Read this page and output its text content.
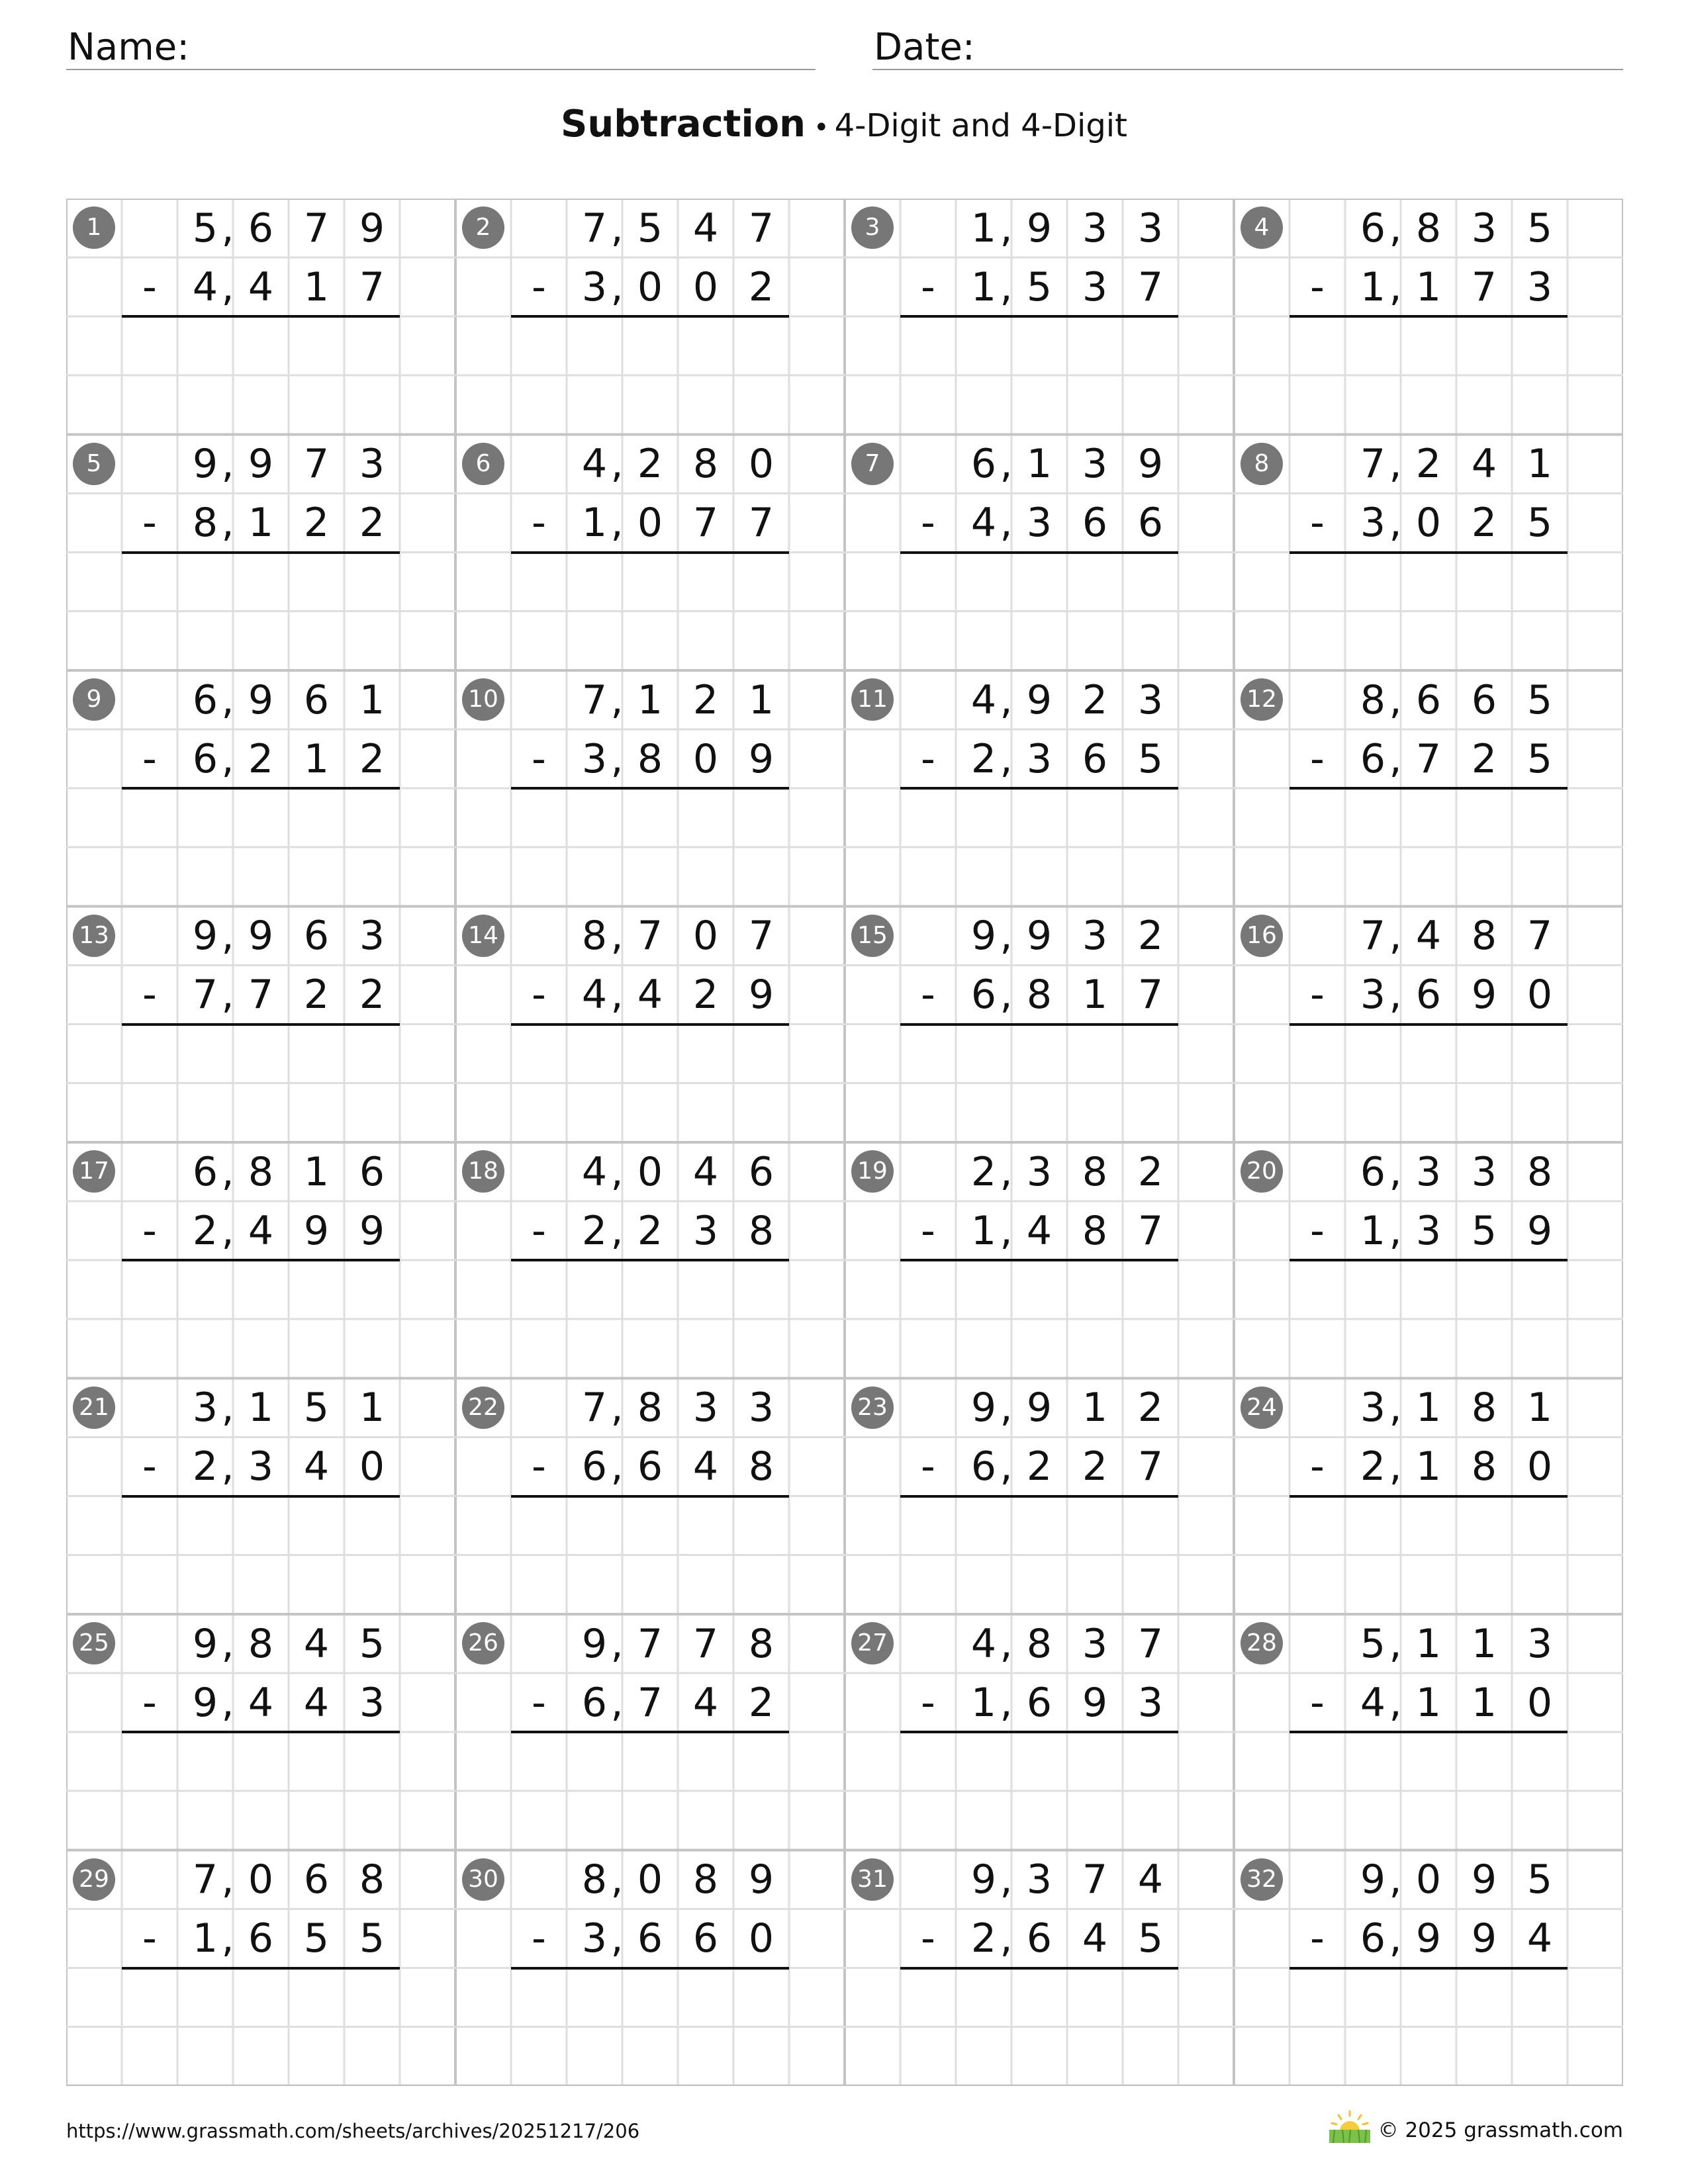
Name:	Date:
Subtraction • 4-Digit and 4-Digit
1	5 , 6 7 9
- 4 , 4 1 7
2	7 , 5 4 7
- 3 , 0 0 2
3	1 , 9 3 3
- 1 , 5 3 7
4	6 , 8 3 5
- 1 , 1 7 3
5	9 , 9 7 3
- 8 , 1 2 2
6	4 , 2 8 0
- 1 , 0 7 7
7	6 , 1 3 9
- 4 , 3 6 6
8	7 , 2 4 1
- 3 , 0 2 5
9	6 , 9 6 1
- 6 , 2 1 2
10	7 , 1 2 1
- 3 , 8 0 9
11	4 , 9 2 3
- 2 , 3 6 5
12	8 , 6 6 5
- 6 , 7 2 5
13	9 , 9 6 3
- 7 , 7 2 2
14	8 , 7 0 7
- 4 , 4 2 9
15	9 , 9 3 2
- 6 , 8 1 7
16	7 , 4 8 7
- 3 , 6 9 0
17	6 , 8 1 6
- 2 , 4 9 9
18	4 , 0 4 6
- 2 , 2 3 8
19	2 , 3 8 2
- 1 , 4 8 7
20	6 , 3 3 8
- 1 , 3 5 9
21	3 , 1 5 1
- 2 , 3 4 0
22	7 , 8 3 3
- 6 , 6 4 8
23	9 , 9 1 2
- 6 , 2 2 7
24	3 , 1 8 1
- 2 , 1 8 0
25	9 , 8 4 5
- 9 , 4 4 3
26	9 , 7 7 8
- 6 , 7 4 2
27	4 , 8 3 7
- 1 , 6 9 3
28	5 , 1 1 3
- 4 , 1 1 0
29	7 , 0 6 8
- 1 , 6 5 5
30	8 , 0 8 9
- 3 , 6 6 0
31	9 , 3 7 4
- 2 , 6 4 5
32	9 , 0 9 5
- 6 , 9 9 4
https://www.grassmath.com/sheets/archives/20251217/206	© 2025 grassmath.com
